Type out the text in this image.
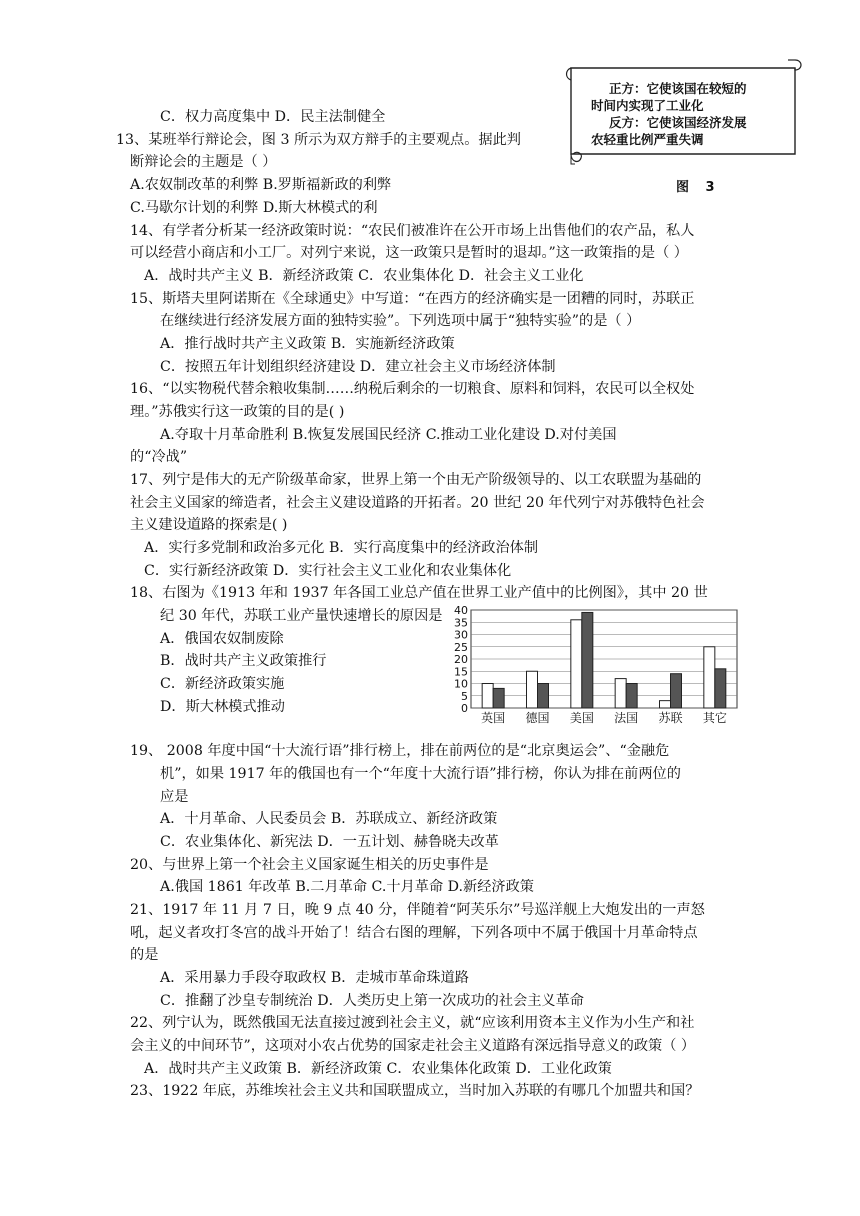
正方：它使该国在较短的
时间内实现了工业化
反方：它使该国经济发展
农轻重比例严重失调
图 3
C．权力高度集中 D．民主法制健全
13、某班举行辩论会，图 3 所示为双方辩手的主要观点。据此判
断辩论会的主题是（ ）
A.农奴制改革的利弊 B.罗斯福新政的利弊
C.马歇尔计划的利弊 D.斯大林模式的利
14、有学者分析某一经济政策时说：“农民们被准许在公开市场上出售他们的农产品，私人
可以经营小商店和小工厂。对列宁来说，这一政策只是暂时的退却。”这一政策指的是（ ）
A．战时共产主义 B．新经济政策 C．农业集体化 D．社会主义工业化
15、斯塔夫里阿诺斯在《全球通史》中写道：“在西方的经济确实是一团糟的同时，苏联正
在继续进行经济发展方面的独特实验”。下列选项中属于“独特实验”的是（ ）
A．推行战时共产主义政策 B．实施新经济政策
C．按照五年计划组织经济建设 D．建立社会主义市场经济体制
16、“以实物税代替余粮收集制……纳税后剩余的一切粮食、原料和饲料，农民可以全权处
理。”苏俄实行这一政策的目的是( )
A.夺取十月革命胜利 B.恢复发展国民经济 C.推动工业化建设 D.对付美国
的“冷战”
17、列宁是伟大的无产阶级革命家，世界上第一个由无产阶级领导的、以工农联盟为基础的
社会主义国家的缔造者，社会主义建设道路的开拓者。20 世纪 20 年代列宁对苏俄特色社会
主义建设道路的探索是( )
A．实行多党制和政治多元化 B．实行高度集中的经济政治体制
C．实行新经济政策 D．实行社会主义工业化和农业集体化
18、右图为《1913 年和 1937 年各国工业总产值在世界工业产值中的比例图》，其中 20 世
纪 30 年代，苏联工业产量快速增长的原因是
A．俄国农奴制废除
B．战时共产主义政策推行
C．新经济政策实施
D．斯大林模式推动
19、 2008 年度中国“十大流行语”排行榜上，排在前两位的是“北京奥运会”、“金融危
机”，如果 1917 年的俄国也有一个“年度十大流行语”排行榜，你认为排在前两位的
应是
A．十月革命、人民委员会 B．苏联成立、新经济政策
C．农业集体化、新宪法 D．一五计划、赫鲁晓夫改革
20、与世界上第一个社会主义国家诞生相关的历史事件是
A.俄国 1861 年改革 B.二月革命 C.十月革命 D.新经济政策
21、1917 年 11 月 7 日，晚 9 点 40 分，伴随着“阿芙乐尔”号巡洋舰上大炮发出的一声怒
吼，起义者攻打冬宫的战斗开始了！结合右图的理解，下列各项中不属于俄国十月革命特点
的是
A．采用暴力手段夺取政权 B．走城市革命珠道路
C．推翻了沙皇专制统治 D．人类历史上第一次成功的社会主义革命
22、列宁认为，既然俄国无法直接过渡到社会主义，就“应该利用资本主义作为小生产和社
会主义的中间环节”，这项对小农占优势的国家走社会主义道路有深远指导意义的政策（ ）
A．战时共产主义政策 B．新经济政策 C．农业集体化政策 D．工业化政策
23、1922 年底，苏维埃社会主义共和国联盟成立，当时加入苏联的有哪几个加盟共和国？
40
35
30
25
20
15
10
5
0
英国 德国 美国 法国 苏联 其它
